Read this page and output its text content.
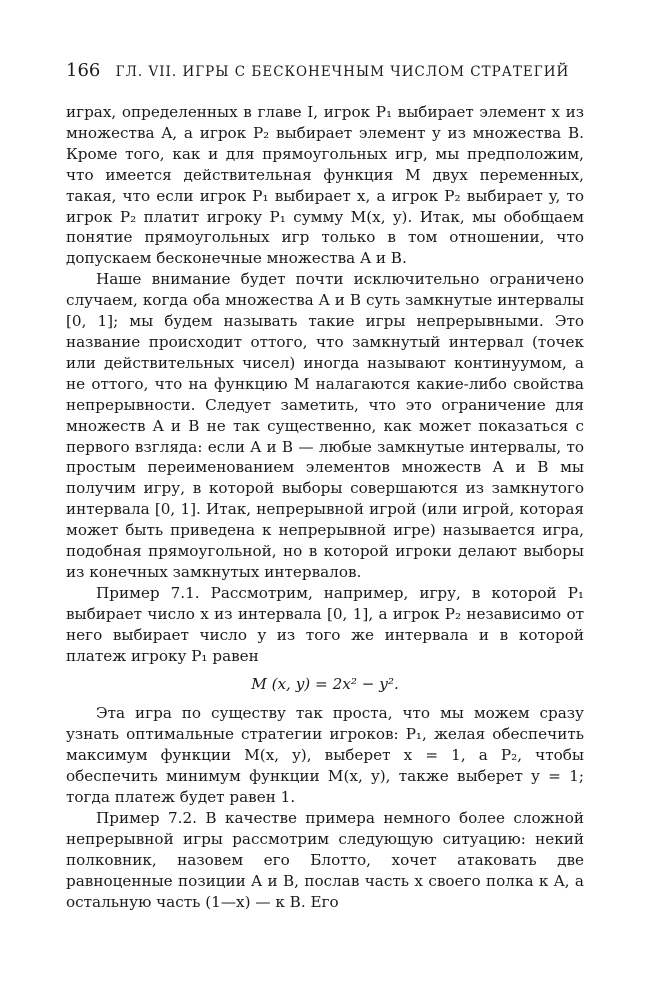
166 ГЛ. VII. ИГРЫ С БЕСКОНЕЧНЫМ ЧИСЛОМ СТРАТЕГИЙ

играх, определенных в главе I, игрок P₁ выбирает элемент x из множества A, а игрок P₂ выбирает элемент y из множества B. Кроме того, как и для прямоугольных игр, мы предположим, что имеется действительная функция M двух переменных, такая, что если игрок P₁ выбирает x, а игрок P₂ выбирает y, то игрок P₂ платит игроку P₁ сумму M(x, y). Итак, мы обобщаем понятие прямоугольных игр только в том отношении, что допускаем бесконечные множества A и B.

Наше внимание будет почти исключительно ограничено случаем, когда оба множества A и B суть замкнутые интервалы [0, 1]; мы будем называть такие игры непрерывными. Это название происходит оттого, что замкнутый интервал (точек или действительных чисел) иногда называют континуумом, а не оттого, что на функцию M налагаются какие-либо свойства непрерывности. Следует заметить, что это ограничение для множеств A и B не так существенно, как может показаться с первого взгляда: если A и B — любые замкнутые интервалы, то простым переименованием элементов множеств A и B мы получим игру, в которой выборы совершаются из замкнутого интервала [0, 1]. Итак, непрерывной игрой (или игрой, которая может быть приведена к непрерывной игре) называется игра, подобная прямоугольной, но в которой игроки делают выборы из конечных замкнутых интервалов.

Пример 7.1. Рассмотрим, например, игру, в которой P₁ выбирает число x из интервала [0, 1], а игрок P₂ независимо от него выбирает число y из того же интервала и в которой платеж игроку P₁ равен

M (x, y) = 2x² − y².

Эта игра по существу так проста, что мы можем сразу узнать оптимальные стратегии игроков: P₁, желая обеспечить максимум функции M(x, y), выберет x = 1, а P₂, чтобы обеспечить минимум функции M(x, y), также выберет y = 1; тогда платеж будет равен 1.

Пример 7.2. В качестве примера немного более сложной непрерывной игры рассмотрим следующую ситуацию: некий полковник, назовем его Блотто, хочет атаковать две равноценные позиции A и B, послав часть x своего полка к A, а остальную часть (1—x) — к B. Его
